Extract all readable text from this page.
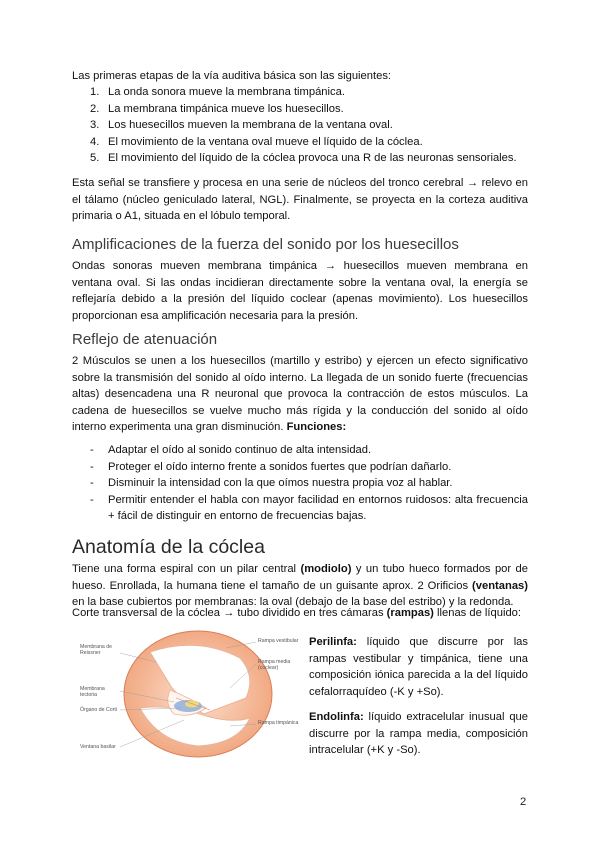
Las primeras etapas de la vía auditiva básica son las siguientes:

1. La onda sonora mueve la membrana timpánica.
2. La membrana timpánica mueve los huesecillos.
3. Los huesecillos mueven la membrana de la ventana oval.
4. El movimiento de la ventana oval mueve el líquido de la cóclea.
5. El movimiento del líquido de la cóclea provoca una R de las neuronas sensoriales.

Esta señal se transfiere y procesa en una serie de núcleos del tronco cerebral → relevo en el tálamo (núcleo geniculado lateral, NGL). Finalmente, se proyecta en la corteza auditiva primaria o A1, situada en el lóbulo temporal.

Amplificaciones de la fuerza del sonido por los huesecillos

Ondas sonoras mueven membrana timpánica → huesecillos mueven membrana en ventana oval. Si las ondas incidieran directamente sobre la ventana oval, la energía se reflejaría debido a la presión del líquido coclear (apenas movimiento). Los huesecillos proporcionan esa amplificación necesaria para la presión.

Reflejo de atenuación

2 Músculos se unen a los huesecillos (martillo y estribo) y ejercen un efecto significativo sobre la transmisión del sonido al oído interno. La llegada de un sonido fuerte (frecuencias altas) desencadena una R neuronal que provoca la contracción de estos músculos. La cadena de huesecillos se vuelve mucho más rígida y la conducción del sonido al oído interno experimenta una gran disminución. Funciones:

- Adaptar el oído al sonido continuo de alta intensidad.
- Proteger el oído interno frente a sonidos fuertes que podrían dañarlo.
- Disminuir la intensidad con la que oímos nuestra propia voz al hablar.
- Permitir entender el habla con mayor facilidad en entornos ruidosos: alta frecuencia + fácil de distinguir en entorno de frecuencias bajas.
Anatomía de la cóclea

Tiene una forma espiral con un pilar central (modiolo) y un tubo hueco formados por de hueso. Enrollada, la humana tiene el tamaño de un guisante aprox. 2 Orificios (ventanas) en la base cubiertos por membranas: la oval (debajo de la base del estribo) y la redonda.

Corte transversal de la cóclea → tubo dividido en tres cámaras (rampas) llenas de líquido:

Membrana de Reissner
Membrana tectoria
Órgano de Corti
Ventana basilar
Rampa vestibular
Rampa media (coclear)
Rampa timpánica

Perilinfa: líquido que discurre por las rampas vestibular y timpánica, tiene una composición iónica parecida a la del líquido cefalorraquídeo (-K y +So).

Endolinfa: líquido extracelular inusual que discurre por la rampa media, composición intracelular (+K y -So).

2
